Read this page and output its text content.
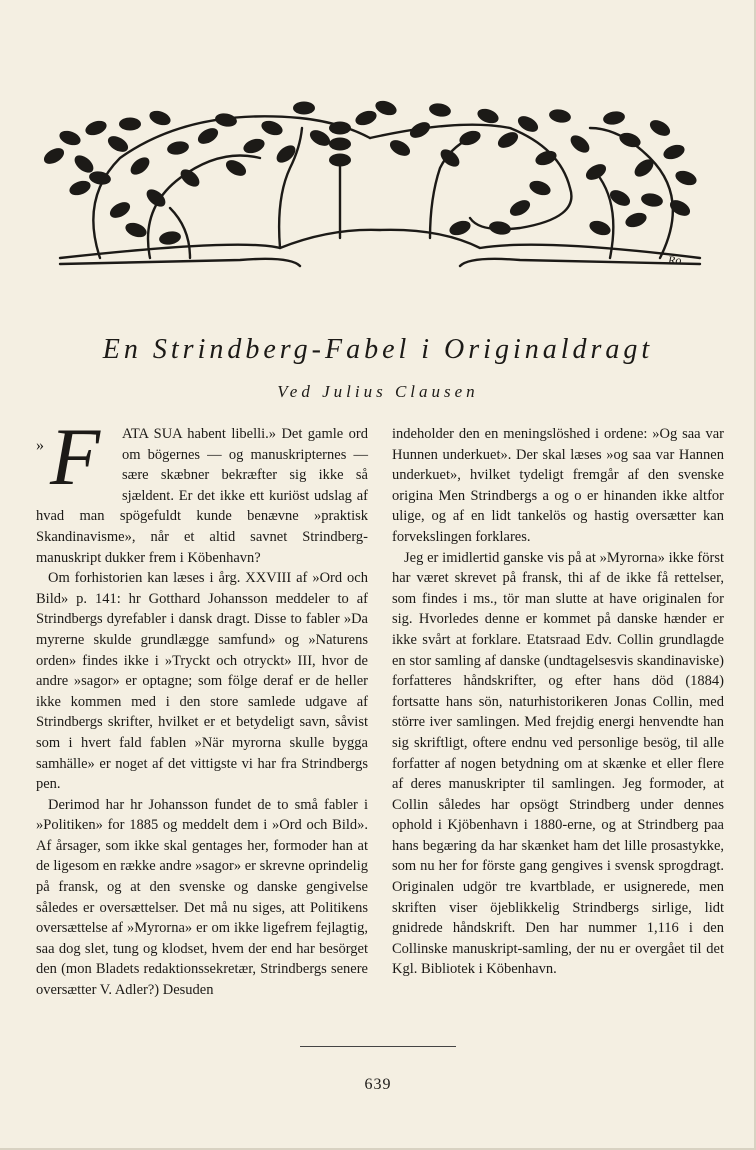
Ro.
En Strindberg-Fabel i Originaldragt
Ved Julius Clausen

» F ATA SUA habent libelli.» Det gamle ord om bögernes — og manuskripternes — sære skæbner bekræfter sig ikke så sjældent. Er det ikke ett kuriöst udslag af hvad man spögefuldt kunde benævne »praktisk Skandinavisme», når et altid savnet Strindberg-manuskript dukker frem i Köbenhavn?

Om forhistorien kan læses i årg. XXVIII af »Ord och Bild» p. 141: hr Gotthard Johansson meddeler to af Strindbergs dyrefabler i dansk dragt. Disse to fabler »Da myrerne skulde grundlægge samfund» og »Naturens orden» findes ikke i »Tryckt och otryckt» III, hvor de andre »sagor» er optagne; som fölge deraf er de heller ikke kommen med i den store samlede udgave af Strindbergs skrifter, hvilket er et betydeligt savn, såvist som i hvert fald fablen »När myrorna skulle bygga samhälle» er noget af det vittigste vi har fra Strindbergs pen.

Derimod har hr Johansson fundet de to små fabler i »Politiken» for 1885 og meddelt dem i »Ord och Bild». Af årsager, som ikke skal gentages her, formoder han at de ligesom en række andre »sagor» er skrevne oprindelig på fransk, og at den svenske og danske gengivelse således er oversættelser. Det må nu siges, att Politikens oversættelse af »Myrorna» er om ikke ligefrem fejlagtig, saa dog slet, tung og klodset, hvem der end har besörget den (mon Bladets redaktionssekretær, Strindbergs senere oversætter V. Adler?) Desuden

indeholder den en meningslöshed i ordene: »Og saa var Hunnen underkuet». Der skal læses »og saa var Hannen underkuet», hvilket tydeligt fremgår af den svenske origina Men Strindbergs a og o er hinanden ikke altfor ulige, og af en lidt tankelös og hastig oversætter kan forvekslingen forklares.

Jeg er imidlertid ganske vis på at »Myrorna» ikke först har været skrevet på fransk, thi af de ikke få rettelser, som findes i ms., tör man slutte at have originalen for sig. Hvorledes denne er kommet på danske hænder er ikke svårt at forklare. Etatsraad Edv. Collin grundlagde en stor samling af danske (undtagelsesvis skandinaviske) forfatteres håndskrifter, og efter hans död (1884) fortsatte hans sön, naturhistorikeren Jonas Collin, med större iver samlingen. Med frejdig energi henvendte han sig skriftligt, oftere endnu ved personlige besög, til alle forfatter af nogen betydning om at skænke et eller flere af deres manuskripter til samlingen. Jeg formoder, at Collin således har opsögt Strindberg under dennes ophold i Kjöbenhavn i 1880-erne, og at Strindberg paa hans begæring da har skænket ham det lille prosastykke, som nu her for förste gang gengives i svensk sprogdragt. Originalen udgör tre kvartblade, er usignerede, men skriften viser öjeblikkelig Strindbergs sirlige, lidt gnidrede håndskrift. Den har nummer 1,116 i den Collinske manuskript-samling, der nu er overgået til det Kgl. Bibliotek i Köbenhavn.

639
